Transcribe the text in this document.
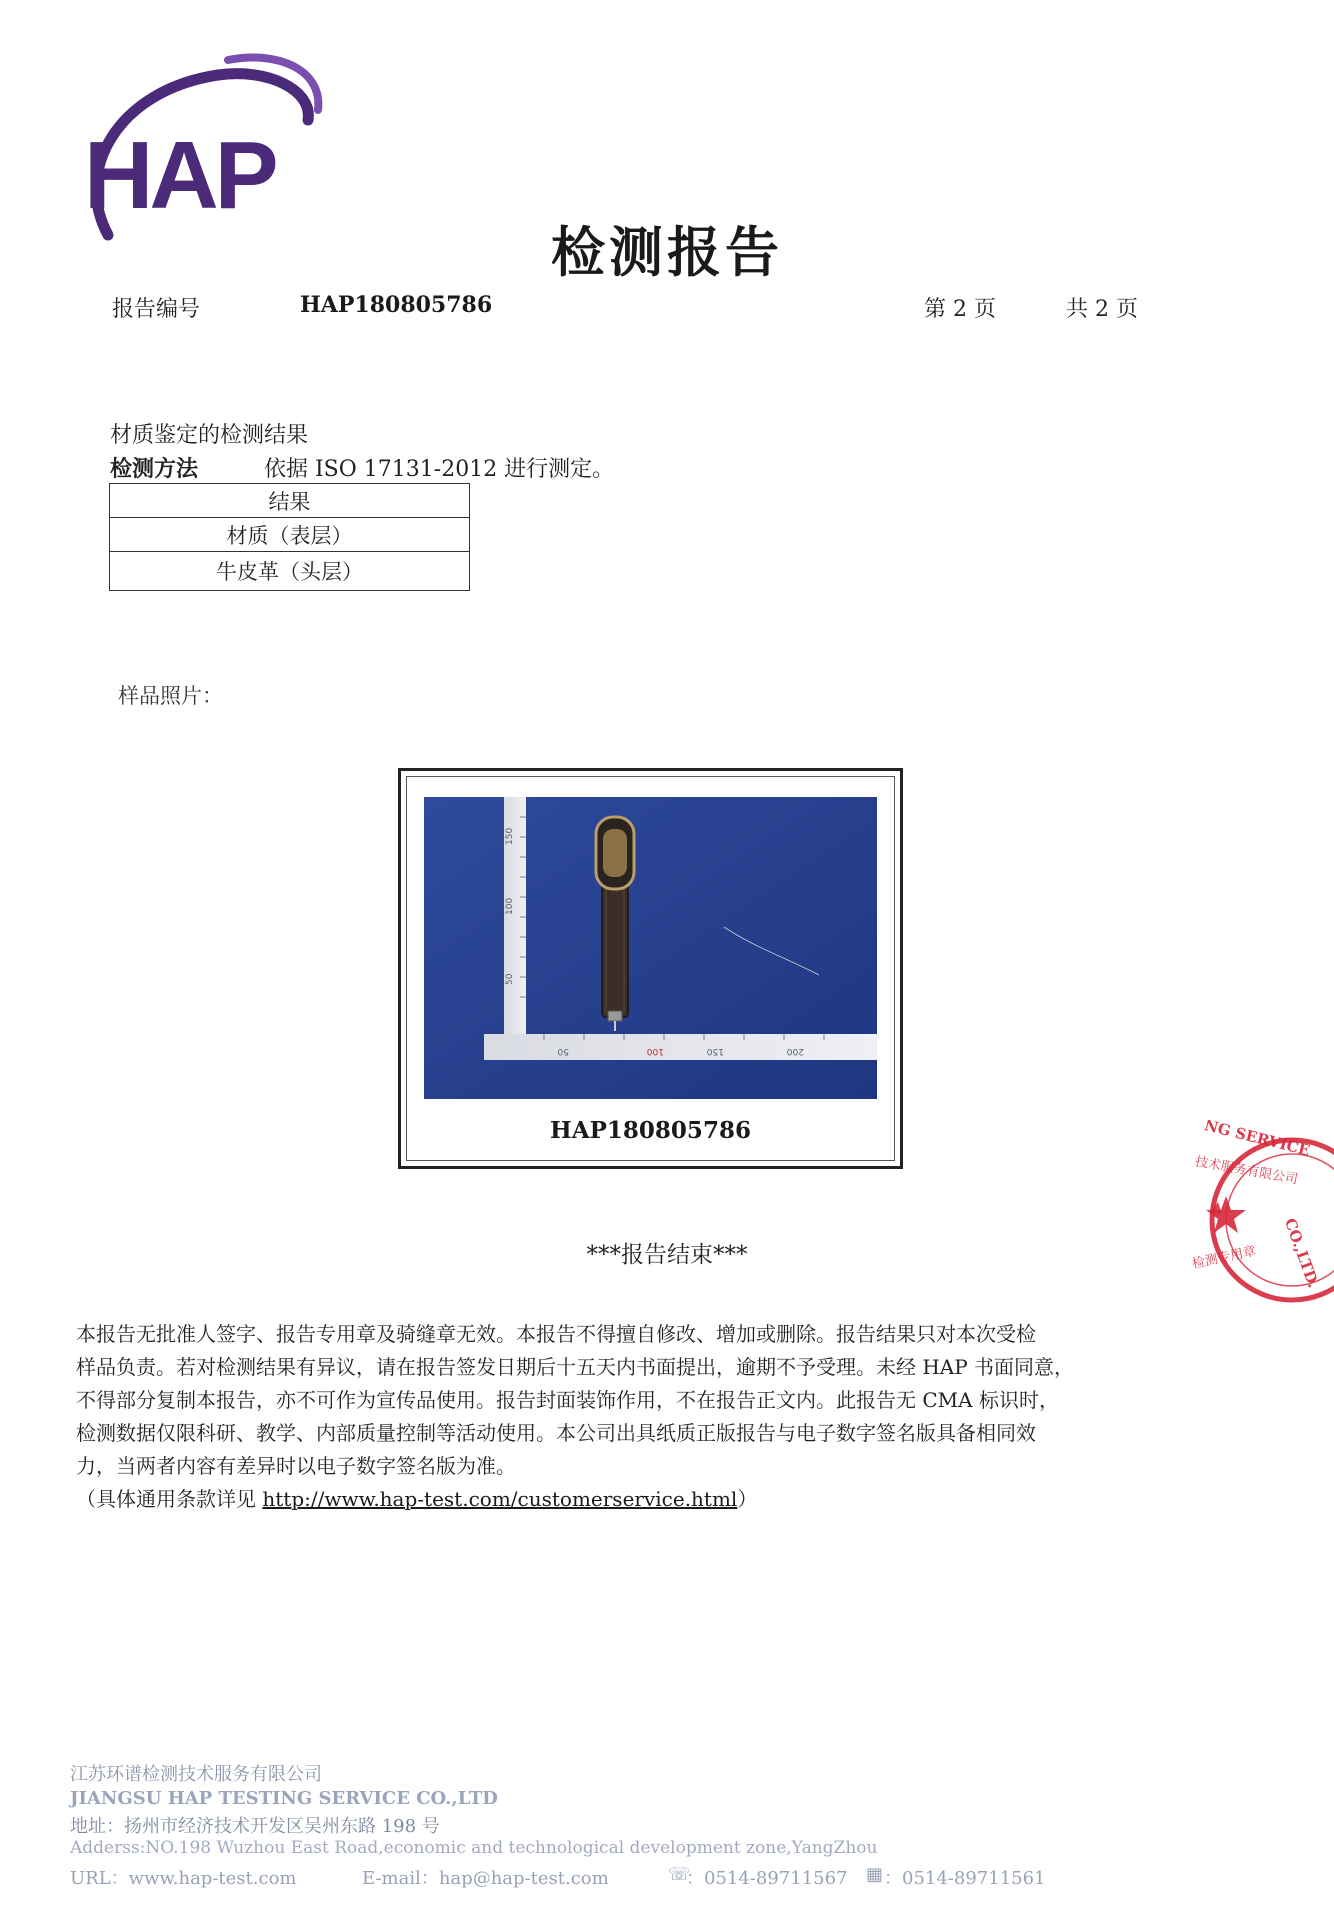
HAP
检测报告
报告编号	HAP180805786	第 2 页	共 2 页
材质鉴定的检测结果
检测方法	依据 ISO 17131-2012 进行测定。
结果
材质（表层）
牛皮革（头层）
样品照片：
150
100
50
50	100	150	200
HAP180805786	NG SERVICE
技术服务有限公司
CO.,LTD.
检测专用章
***报告结束***

本报告无批准人签字、报告专用章及骑缝章无效。本报告不得擅自修改、增加或删除。报告结果只对本次受检

样品负责。若对检测结果有异议，请在报告签发日期后十五天内书面提出，逾期不予受理。未经 HAP 书面同意，

不得部分复制本报告，亦不可作为宣传品使用。报告封面装饰作用，不在报告正文内。此报告无 CMA 标识时，

检测数据仅限科研、教学、内部质量控制等活动使用。本公司出具纸质正版报告与电子数字签名版具备相同效

力，当两者内容有差异时以电子数字签名版为准。

（具体通用条款详见 http://www.hap-test.com/customerservice.html）

江苏环谱检测技术服务有限公司
JIANGSU HAP TESTING SERVICE CO.,LTD
地址：扬州市经济技术开发区吴州东路 198 号
Adderss:NO.198 Wuzhou East Road,economic and technological development zone,YangZhou
URL：www.hap-test.com	E-mail：hap@hap-test.com	☏
：0514-89711567 ▦ ：0514-89711561
